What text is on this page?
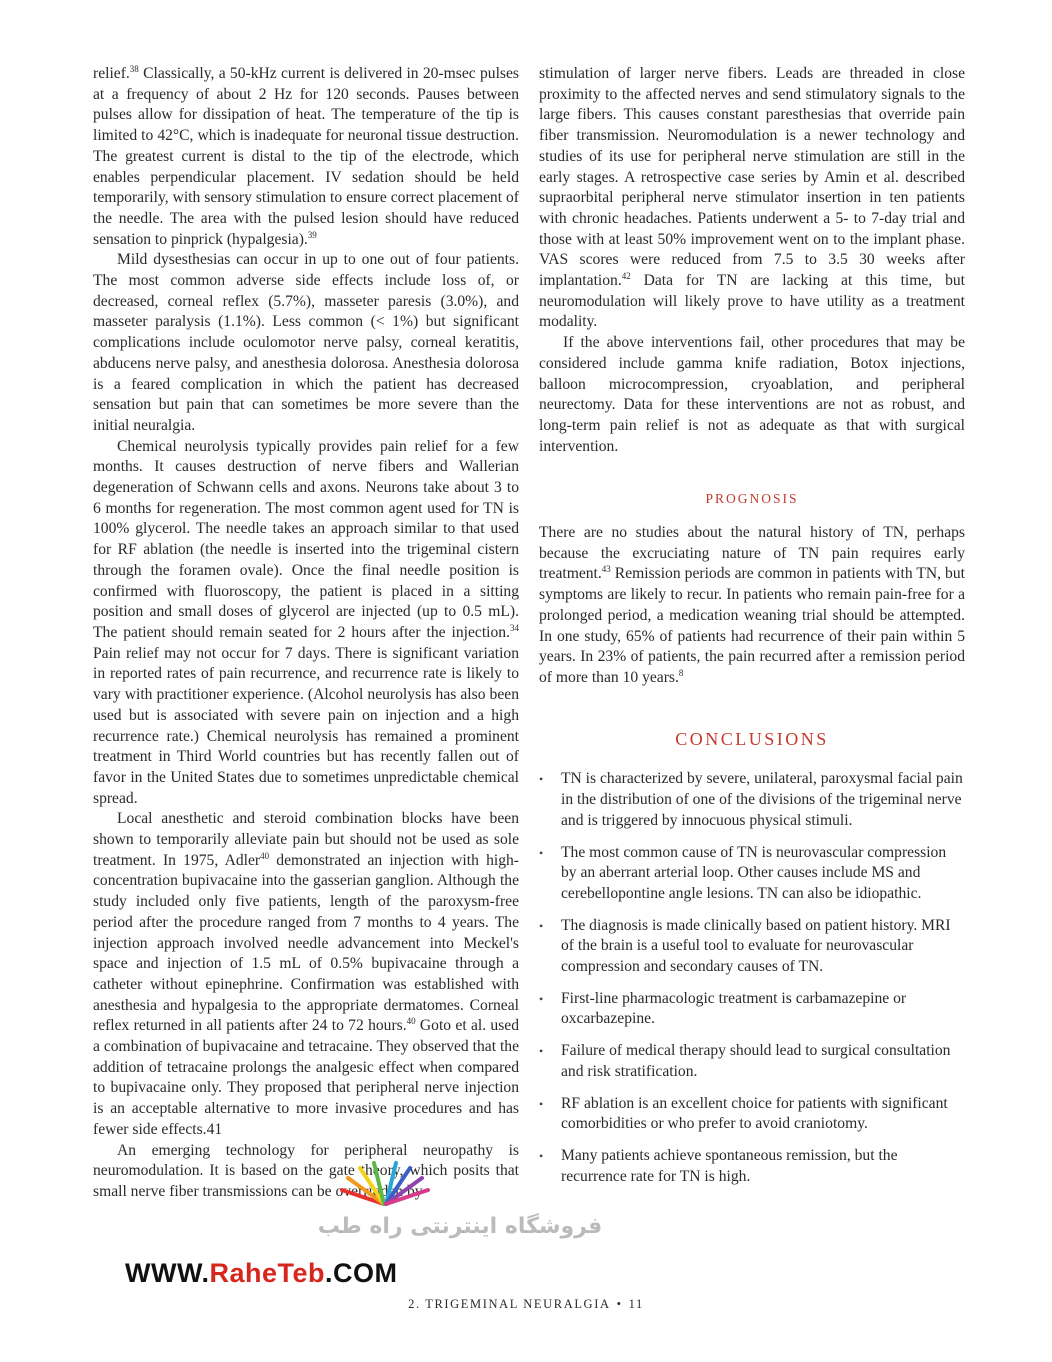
relief.$^{38}$ Classically, a 50-kHz current is delivered in 20-msec pulses at a frequency of about 2 Hz for 120 seconds. Pauses between pulses allow for dissipation of heat. The temperature of the tip is limited to 42°C, which is inadequate for neuronal tissue destruction. The greatest current is distal to the tip of the electrode, which enables perpendicular placement. IV sedation should be held temporarily, with sensory stimulation to ensure correct placement of the needle. The area with the pulsed lesion should have reduced sensation to pinprick (hypalgesia).$^{39}$

Mild dysesthesias can occur in up to one out of four patients. The most common adverse side effects include loss of, or decreased, corneal reflex (5.7%), masseter paresis (3.0%), and masseter paralysis (1.1%). Less common (< 1%) but significant complications include oculomotor nerve palsy, corneal keratitis, abducens nerve palsy, and anesthesia dolorosa. Anesthesia dolorosa is a feared complication in which the patient has decreased sensation but pain that can sometimes be more severe than the initial neuralgia.

Chemical neurolysis typically provides pain relief for a few months. It causes destruction of nerve fibers and Wallerian degeneration of Schwann cells and axons. Neurons take about 3 to 6 months for regeneration. The most common agent used for TN is 100% glycerol. The needle takes an approach similar to that used for RF ablation (the needle is inserted into the trigeminal cistern through the foramen ovale). Once the final needle position is confirmed with fluoroscopy, the patient is placed in a sitting position and small doses of glycerol are injected (up to 0.5 mL). The patient should remain seated for 2 hours after the injection.$^{34}$ Pain relief may not occur for 7 days. There is significant variation in reported rates of pain recurrence, and recurrence rate is likely to vary with practitioner experience. (Alcohol neurolysis has also been used but is associated with severe pain on injection and a high recurrence rate.) Chemical neurolysis has remained a prominent treatment in Third World countries but has recently fallen out of favor in the United States due to sometimes unpredictable chemical spread.

Local anesthetic and steroid combination blocks have been shown to temporarily alleviate pain but should not be used as sole treatment. In 1975, Adler$^{40}$ demonstrated an injection with high-concentration bupivacaine into the gasserian ganglion. Although the study included only five patients, length of the paroxysm-free period after the procedure ranged from 7 months to 4 years. The injection approach involved needle advancement into Meckel's space and injection of 1.5 mL of 0.5% bupivacaine through a catheter without epinephrine. Confirmation was established with anesthesia and hypalgesia to the appropriate dermatomes. Corneal reflex returned in all patients after 24 to 72 hours.$^{40}$ Goto et al. used a combination of bupivacaine and tetracaine. They observed that the addition of tetracaine prolongs the analgesic effect when compared to bupivacaine only. They proposed that peripheral nerve injection is an acceptable alternative to more invasive procedures and has fewer side effects.41

An emerging technology for peripheral neuropathy is neuromodulation. It is based on the gate theory, which posits that small nerve fiber transmissions can be overridden by

stimulation of larger nerve fibers. Leads are threaded in close proximity to the affected nerves and send stimulatory signals to the large fibers. This causes constant paresthesias that override pain fiber transmission. Neuromodulation is a newer technology and studies of its use for peripheral nerve stimulation are still in the early stages. A retrospective case series by Amin et al. described supraorbital peripheral nerve stimulator insertion in ten patients with chronic headaches. Patients underwent a 5- to 7-day trial and those with at least 50% improvement went on to the implant phase. VAS scores were reduced from 7.5 to 3.5 30 weeks after implantation.$^{42}$ Data for TN are lacking at this time, but neuromodulation will likely prove to have utility as a treatment modality.

If the above interventions fail, other procedures that may be considered include gamma knife radiation, Botox injections, balloon microcompression, cryoablation, and peripheral neurectomy. Data for these interventions are not as robust, and long-term pain relief is not as adequate as that with surgical intervention.

PROGNOSIS

There are no studies about the natural history of TN, perhaps because the excruciating nature of TN pain requires early treatment.$^{43}$ Remission periods are common in patients with TN, but symptoms are likely to recur. In patients who remain pain-free for a prolonged period, a medication weaning trial should be attempted. In one study, 65% of patients had recurrence of their pain within 5 years. In 23% of patients, the pain recurred after a remission period of more than 10 years.$^8$

CONCLUSIONS
• TN is characterized by severe, unilateral, paroxysmal facial pain in the distribution of one of the divisions of the trigeminal nerve and is triggered by innocuous physical stimuli.
• The most common cause of TN is neurovascular compression by an aberrant arterial loop. Other causes include MS and cerebellopontine angle lesions. TN can also be idiopathic.
• The diagnosis is made clinically based on patient history. MRI of the brain is a useful tool to evaluate for neurovascular compression and secondary causes of TN.
• First-line pharmacologic treatment is carbamazepine or oxcarbazepine.
• Failure of medical therapy should lead to surgical consultation and risk stratification.
• RF ablation is an excellent choice for patients with significant comorbidities or who prefer to avoid craniotomy.
• Many patients achieve spontaneous remission, but the recurrence rate for TN is high.
فروشگاه اینترنتی راه طب
WWW.RaheTeb.COM
2. TRIGEMINAL NEURALGIA • 11
